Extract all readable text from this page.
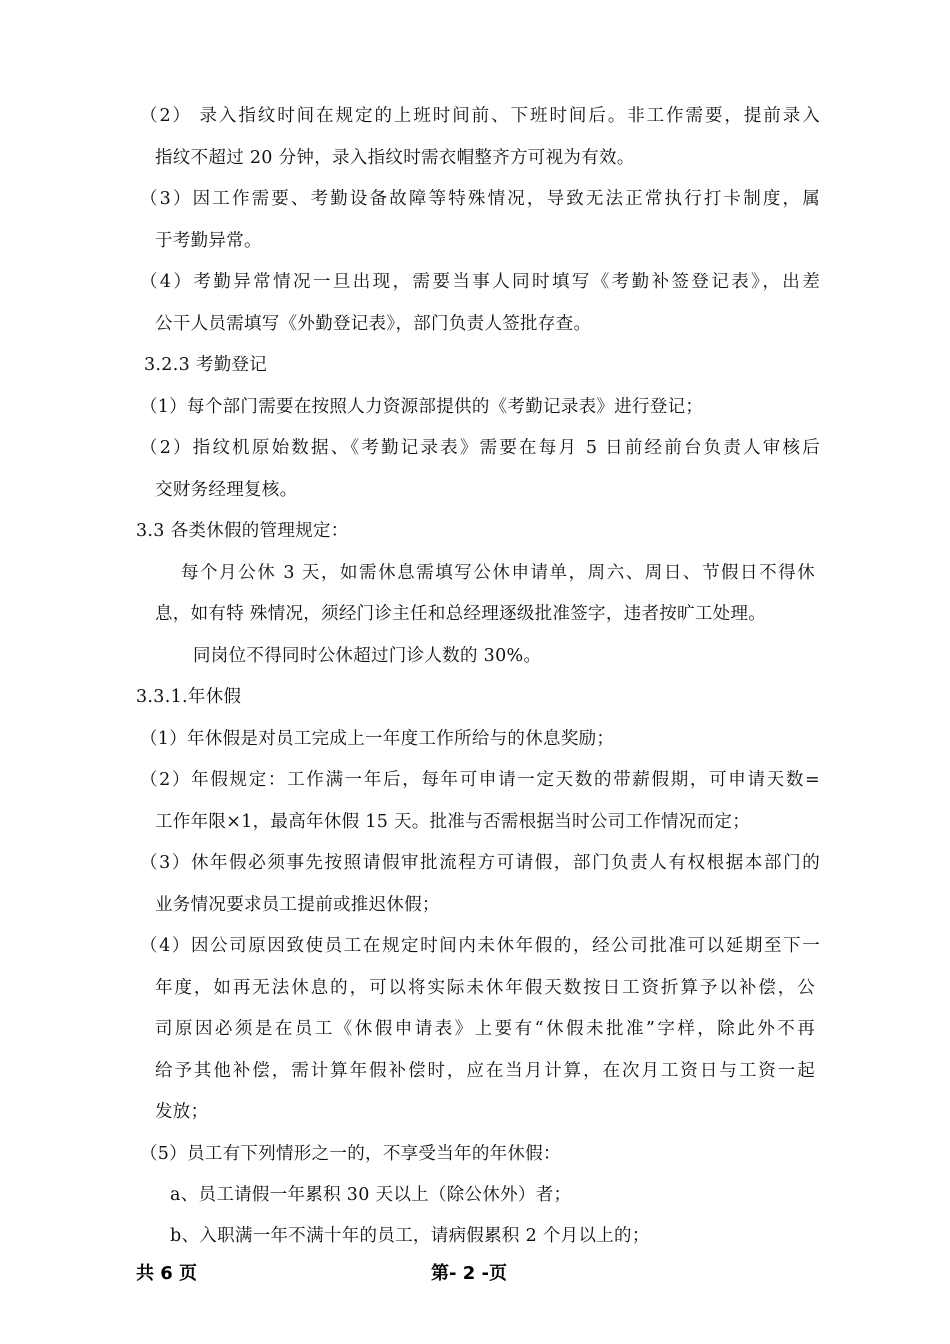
（2） 录入指纹时间在规定的上班时间前、下班时间后。非工作需要，提前录入
指纹不超过 20 分钟，录入指纹时需衣帽整齐方可视为有效。
（3）因工作需要、考勤设备故障等特殊情况，导致无法正常执行打卡制度，属
于考勤异常。
（4）考勤异常情况一旦出现，需要当事人同时填写《考勤补签登记表》，出差
公干人员需填写《外勤登记表》，部门负责人签批存查。
3.2.3 考勤登记
（1）每个部门需要在按照人力资源部提供的《考勤记录表》进行登记；
（2）指纹机原始数据、《考勤记录表》需要在每月 5 日前经前台负责人审核后
交财务经理复核。
3.3 各类休假的管理规定：
每个月公休 3 天，如需休息需填写公休申请单，周六、周日、节假日不得休
息，如有特 殊情况，须经门诊主任和总经理逐级批准签字，违者按旷工处理。
同岗位不得同时公休超过门诊人数的 30%。
3.3.1.年休假
（1）年休假是对员工完成上一年度工作所给与的休息奖励；
（2）年假规定：工作满一年后，每年可申请一定天数的带薪假期，可申请天数=
工作年限×1，最高年休假 15 天。批准与否需根据当时公司工作情况而定；
（3）休年假必须事先按照请假审批流程方可请假，部门负责人有权根据本部门的
业务情况要求员工提前或推迟休假；
（4）因公司原因致使员工在规定时间内未休年假的，经公司批准可以延期至下一
年度，如再无法休息的，可以将实际未休年假天数按日工资折算予以补偿，公
司原因必须是在员工《休假申请表》上要有“休假未批准”字样，除此外不再
给予其他补偿，需计算年假补偿时，应在当月计算，在次月工资日与工资一起
发放；
（5）员工有下列情形之一的，不享受当年的年休假：
a、员工请假一年累积 30 天以上（除公休外）者；
b、入职满一年不满十年的员工，请病假累积 2 个月以上的；
共 6 页	第- 2 -页
